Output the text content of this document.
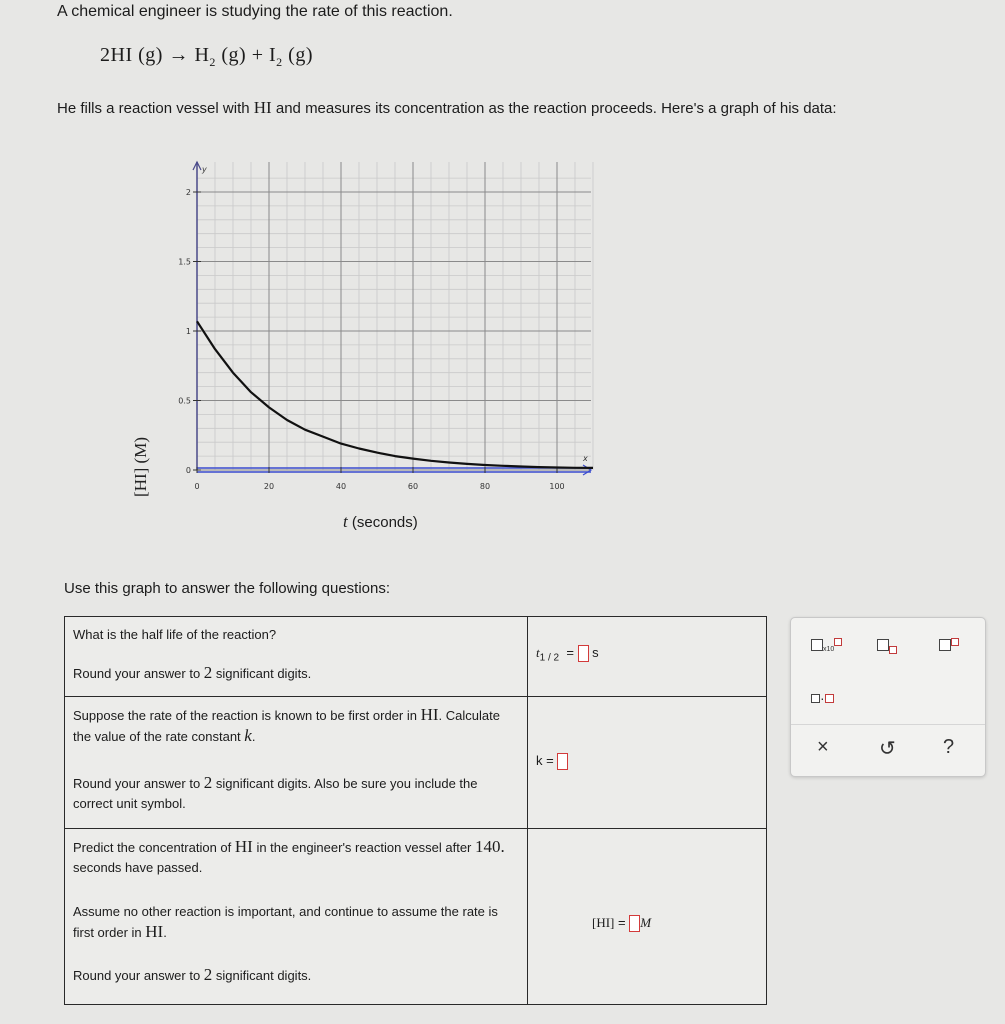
A chemical engineer is studying the rate of this reaction.
2HI $(g) \to H_2$ $(g) + I_2$ (g)
He fills a reaction vessel with HI and measures its concentration as the reaction proceeds. Here's a graph of his data:
y
x
0	20	40	60	80	100
0
0.5
1
1.5
2
[HI] (M)
t (seconds)
Use this graph to answer the following questions:

What is the half life of the reaction?

Round your answer to 2 significant digits.	$t_{1 / 2} = s$

Suppose the rate of the reaction is known to be first order in HI. Calculate the value of the rate constant k.

Round your answer to 2 significant digits. Also be sure you include the correct unit symbol.	k =

Predict the concentration of HI in the engineer's reaction vessel after 140. seconds have passed.

Assume no other reaction is important, and continue to assume the rate is first order in HI.

Round your answer to 2 significant digits.	[HI] = M
x10
·
×	↺ ?
